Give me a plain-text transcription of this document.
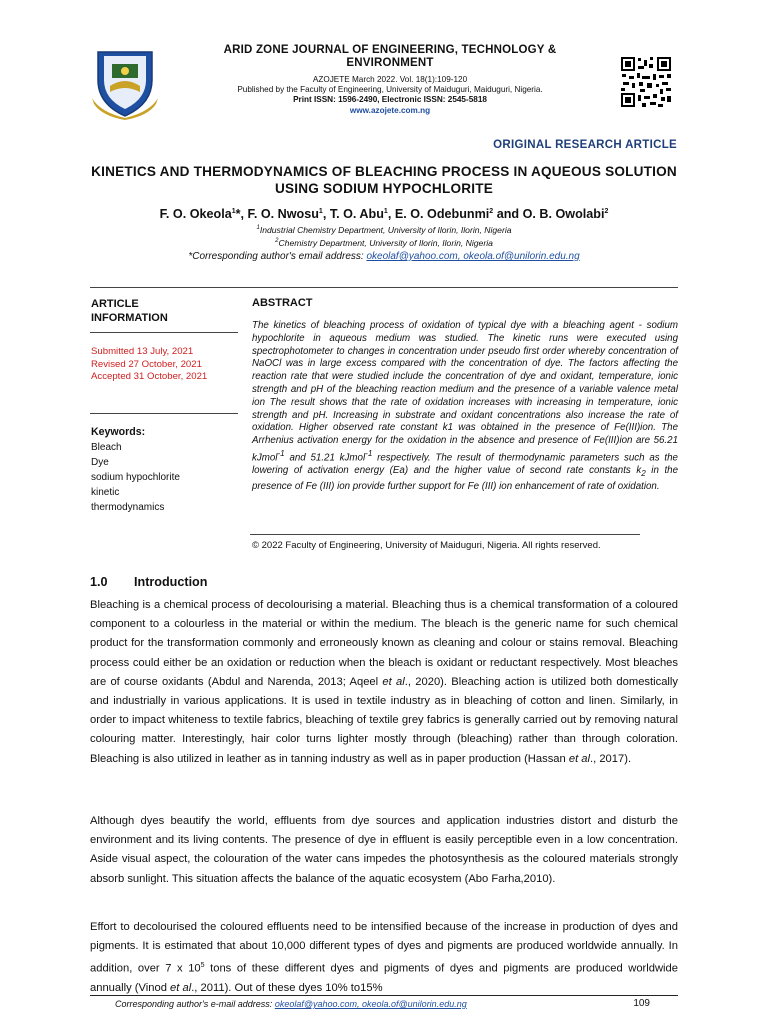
ARID ZONE JOURNAL OF ENGINEERING, TECHNOLOGY & ENVIRONMENT
AZOJETE March 2022. Vol. 18(1):109-120
Published by the Faculty of Engineering, University of Maiduguri, Maiduguri, Nigeria.
Print ISSN: 1596-2490, Electronic ISSN: 2545-5818
www.azojete.com.ng
ORIGINAL RESEARCH ARTICLE
KINETICS AND THERMODYNAMICS OF BLEACHING PROCESS IN AQUEOUS SOLUTION USING SODIUM HYPOCHLORITE
F. O. Okeola$^1$*, F. O. Nwosu$^1$, T. O. Abu$^1$, E. O. Odebunmi$^2$ and O. B. Owolabi$^2$
$^1$Industrial Chemistry Department, University of Ilorin, Ilorin, Nigeria
$^2$Chemistry Department, University of Ilorin, Ilorin, Nigeria
*Corresponding author's email address: okeolaf@yahoo.com, okeola.of@unilorin.edu.ng
ARTICLE
INFORMATION
Submitted 13 July, 2021
Revised 27 October, 2021
Accepted 31 October, 2021
Keywords:
Bleach
Dye
sodium hypochlorite
kinetic
thermodynamics
ABSTRACT
The kinetics of bleaching process of oxidation of typical dye with a bleaching agent - sodium hypochlorite in aqueous medium was studied. The kinetic runs were executed using spectrophotometer to changes in concentration under pseudo first order whereby concentration of NaOCl was in large excess compared with the concentration of dye. The factors affecting the reaction rate that were studied include the concentration of dye and oxidant, temperature, ionic strength and pH of the bleaching reaction medium and the presence of a variable valence metal ion The result shows that the rate of oxidation increases with increasing in temperature, ionic strength and pH. Increasing in substrate and oxidant concentrations also increase the rate of oxidation. Higher observed rate constant k1 was obtained in the presence of Fe(III)ion. The Arrhenius activation energy for the oxidation in the absence and presence of Fe(III)ion are 56.21 kJmol$^{-1}$ and 51.21 kJmol$^{-1}$ respectively. The result of thermodynamic parameters such as the lowering of activation energy (Ea) and the higher value of second rate constants $k_2$ in the presence of Fe (III) ion provide further support for Fe (III) ion enhancement of rate of oxidation.
© 2022 Faculty of Engineering, University of Maiduguri, Nigeria. All rights reserved.
1.0 Introduction
Bleaching is a chemical process of decolourising a material. Bleaching thus is a chemical transformation of a coloured component to a colourless in the material or within the medium. The bleach is the generic name for such chemical product for the transformation commonly and erroneously known as cleaning and colour or stains removal. Bleaching process could either be an oxidation or reduction when the bleach is oxidant or reductant respectively. Most bleaches are of course oxidants (Abdul and Narenda, 2013; Aqeel et al., 2020). Bleaching action is utilized both domestically and industrially in various applications. It is used in textile industry as in bleaching of cotton and linen. Similarly, in order to impact whiteness to textile fabrics, bleaching of textile grey fabrics is generally carried out by removing natural colouring matter. Interestingly, hair color turns lighter mostly through (bleaching) rather than through coloration. Bleaching is also utilized in leather as in tanning industry as well as in paper production (Hassan et al., 2017).
Although dyes beautify the world, effluents from dye sources and application industries distort and disturb the environment and its living contents. The presence of dye in effluent is easily perceptible even in a low concentration. Aside visual aspect, the colouration of the water cans impedes the photosynthesis as the coloured materials strongly absorb sunlight. This situation affects the balance of the aquatic ecosystem (Abo Farha,2010).
Effort to decolourised the coloured effluents need to be intensified because of the increase in production of dyes and pigments. It is estimated that about 10,000 different types of dyes and pigments are produced worldwide annually. In addition, over 7 x $10^5$ tons of these different dyes and pigments of dyes and pigments are produced worldwide annually (Vinod et al., 2011). Out of these dyes 10% to15%
Corresponding author's e-mail address: okeolaf@yahoo.com, okeola.of@unilorin.edu.ng	109
